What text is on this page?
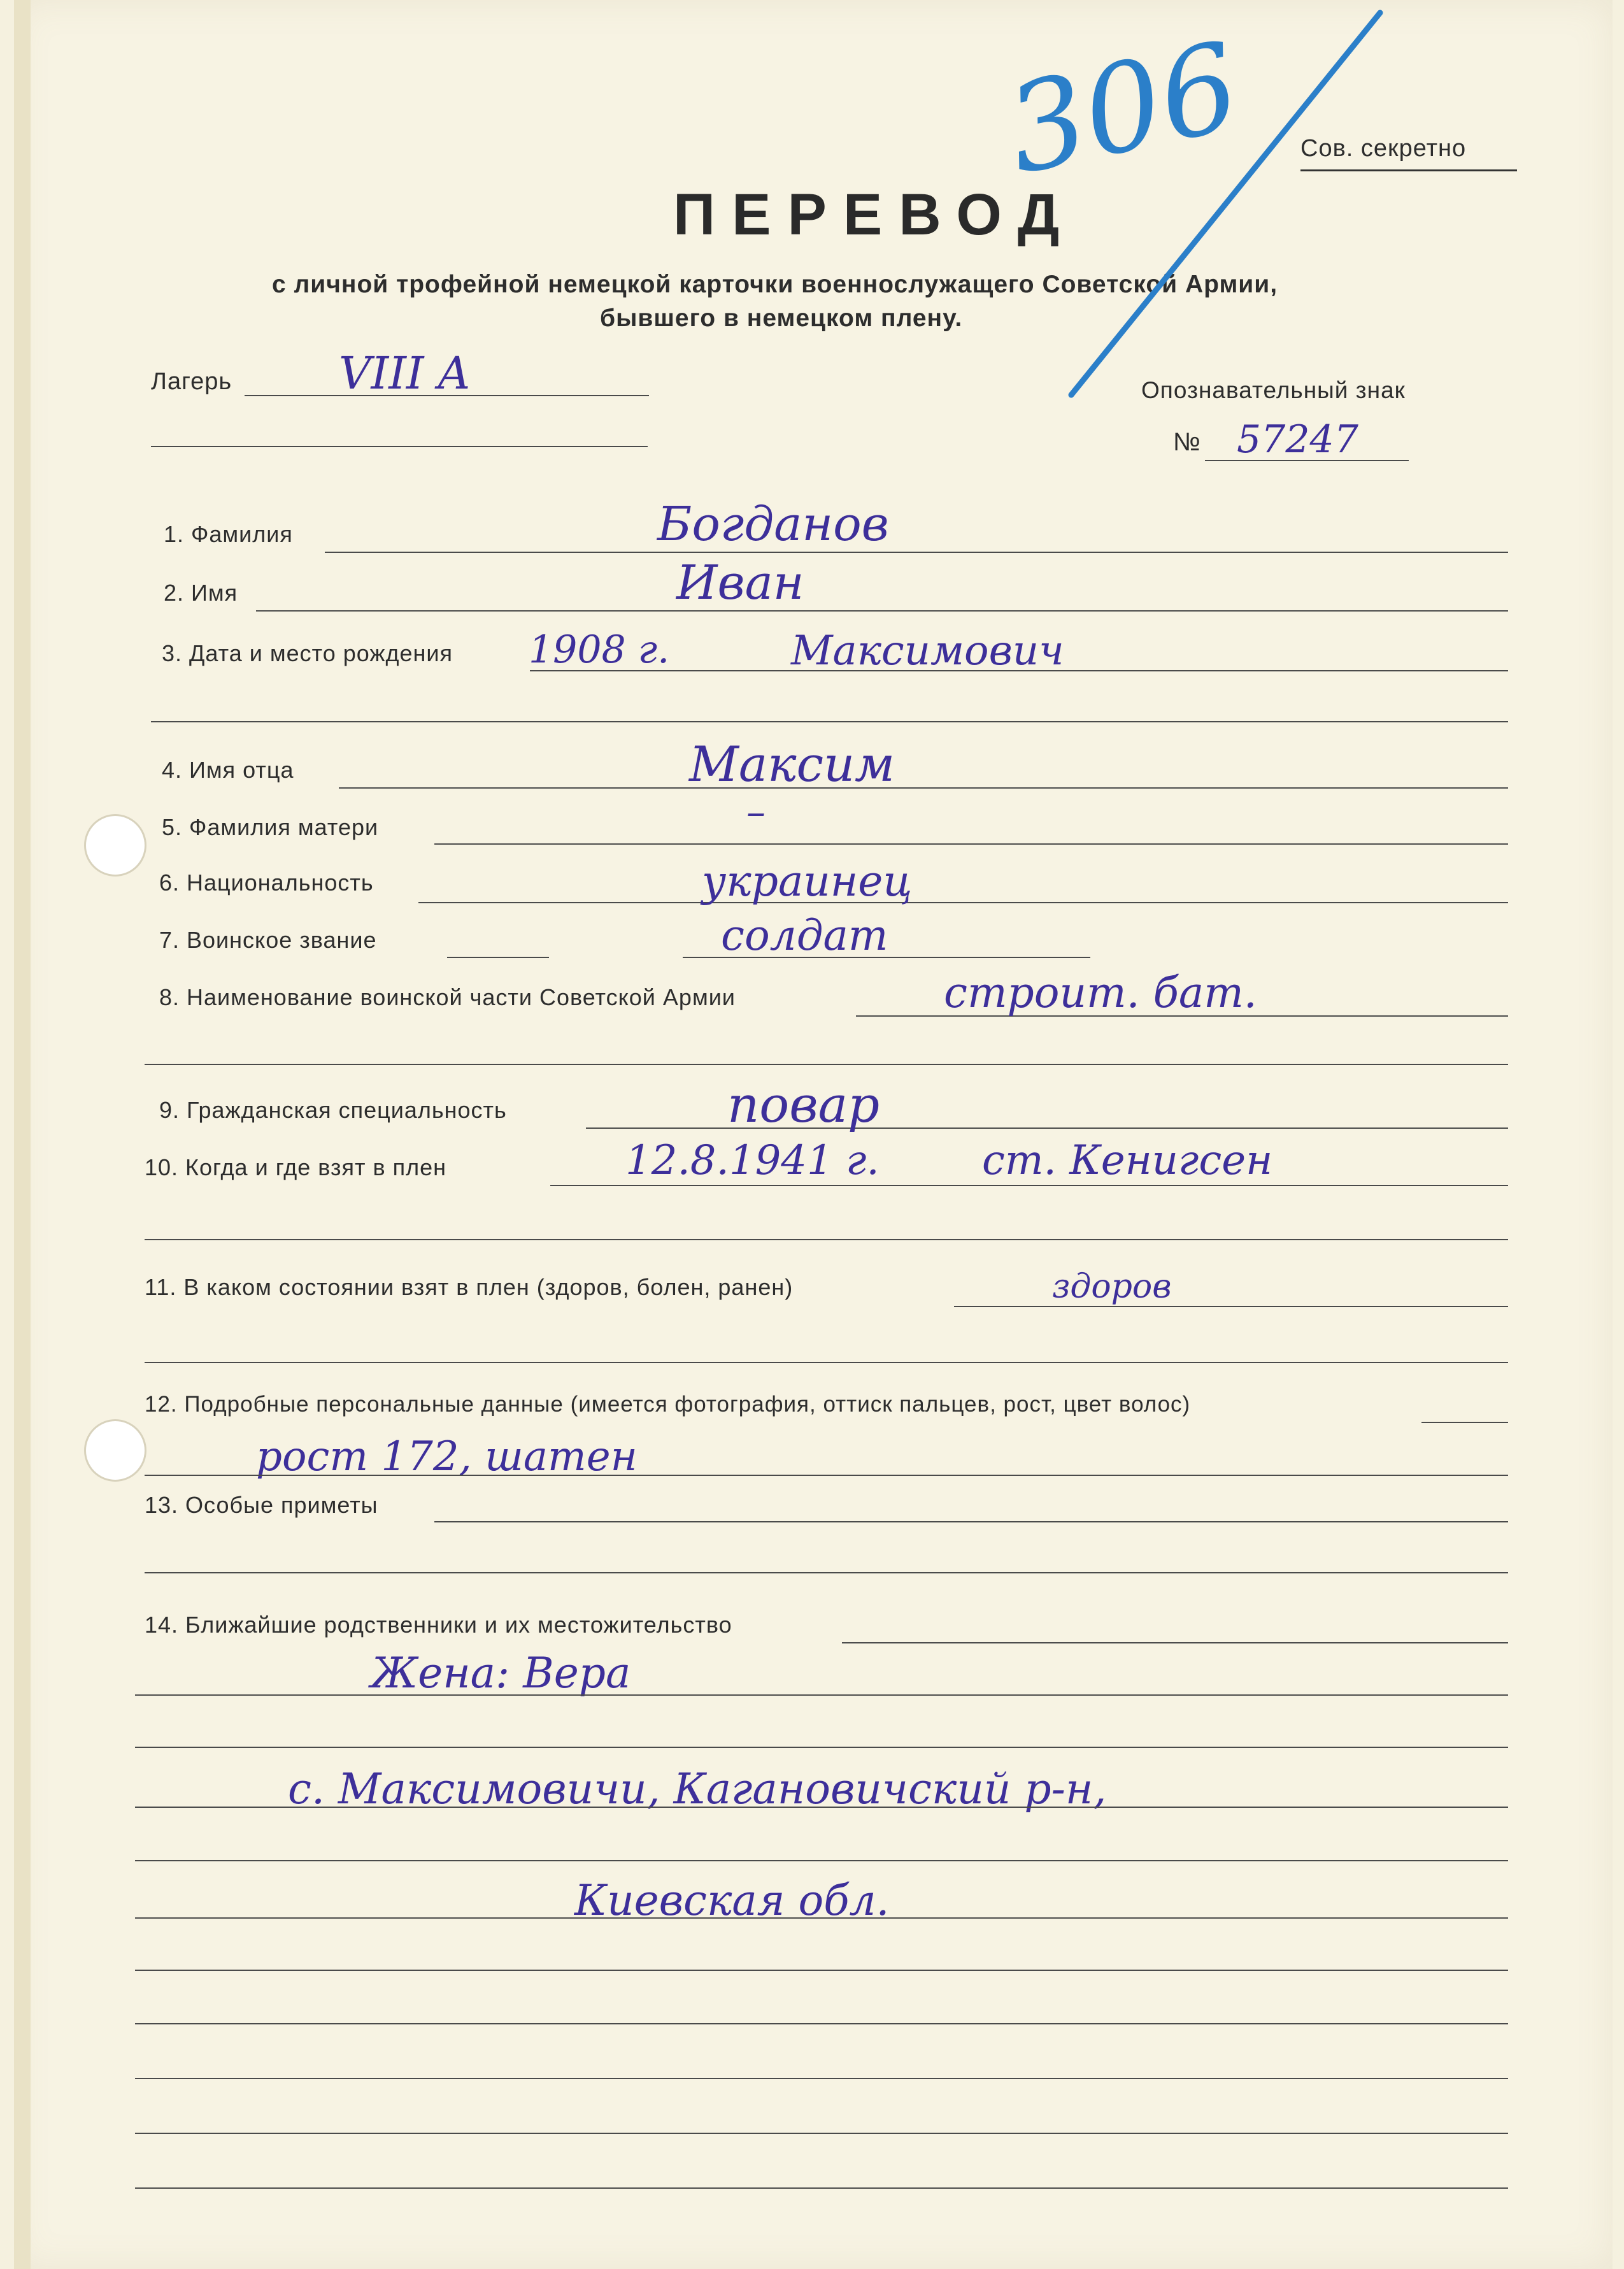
Сов. секретно
ПЕРЕВОД
с личной трофейной немецкой карточки военнослужащего Советской Армии,
бывшего в немецком плену.
306
Лагерь VIII A	Опознавательный знак
№ 57247
1. Фамилия	Богданов
2. Имя	Иван
3. Дата и место рождения 1908 г.	Максимович
4. Имя отца	Максим
5. Фамилия матери	–
6. Национальность	украинец
7. Воинское звание	солдат
8. Наименование воинской части Советской Армии	строит. бат.
9. Гражданская специальность	повар
10. Когда и где взят в плен	12.8.1941 г.	ст. Кенигсен
11. В каком состоянии взят в плен (здоров, болен, ранен)	здоров
12. Подробные персональные данные (имеется фотография, оттиск пальцев, рост, цвет волос)
рост 172, шатен
13. Особые приметы
14. Ближайшие родственники и их местожительство
Жена: Вера
с. Максимовичи, Кагановичский р-н,
Киевская обл.
